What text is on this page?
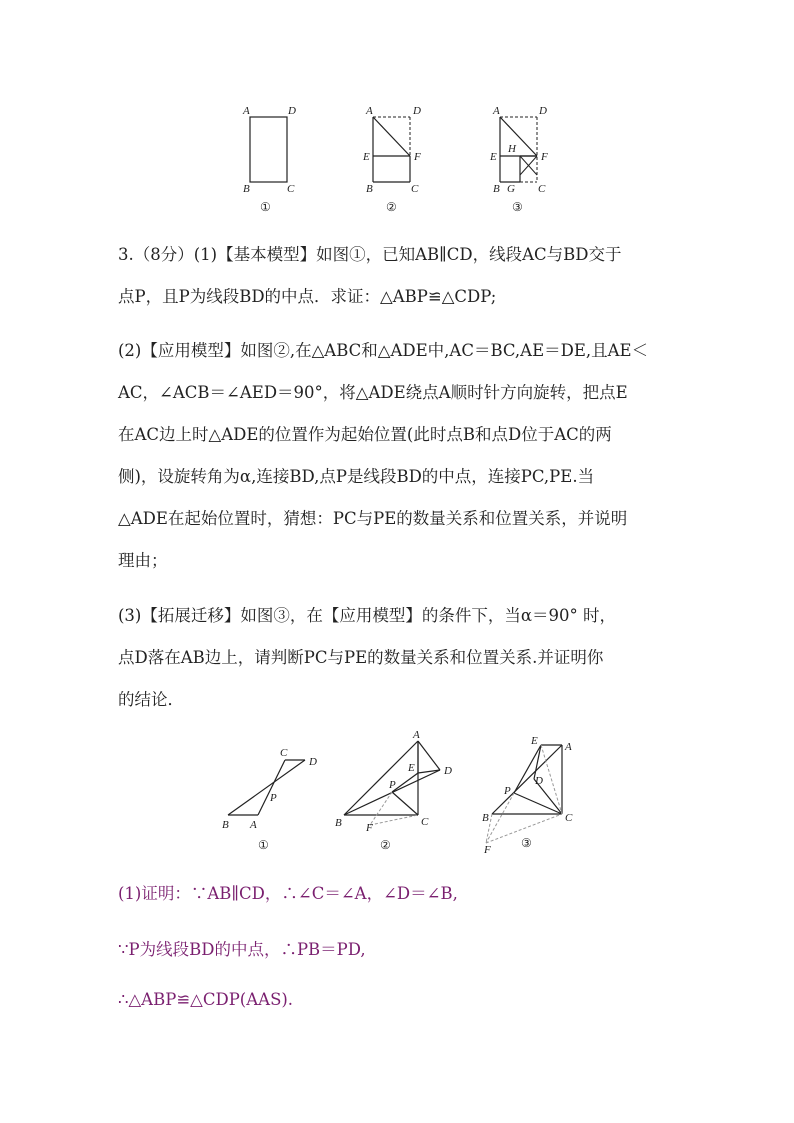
A	D
B	C
①
A	D
E	F
B	C
②
A	D
E
H
F
B G C
③
3.（8分）(1)【基本模型】如图①，已知AB∥CD，线段AC与BD交于
点P，且P为线段BD的中点．求证：△ABP≌△CDP;
(2)【应用模型】如图②,在△ABC和△ADE中,AC＝BC,AE＝DE,且AE＜
AC，∠ACB＝∠AED＝90°，将△ADE绕点A顺时针方向旋转，把点E
在AC边上时△ADE的位置作为起始位置(此时点B和点D位于AC的两
侧)，设旋转角为α,连接BD,点P是线段BD的中点，连接PC,PE.当
△ADE在起始位置时，猜想：PC与PE的数量关系和位置关系，并说明
理由；
(3)【拓展迁移】如图③，在【应用模型】的条件下，当α＝90° 时，
点D落在AB边上，请判断PC与PE的数量关系和位置关系.并证明你
的结论．
C
D
P
B A
①
A
E	D
P
B F	C
②
E A
D
P
B	C
F	③
(1)证明：∵AB∥CD，∴∠C＝∠A，∠D＝∠B,
∵P为线段BD的中点，∴PB＝PD,
∴△ABP≌△CDP(AAS).
